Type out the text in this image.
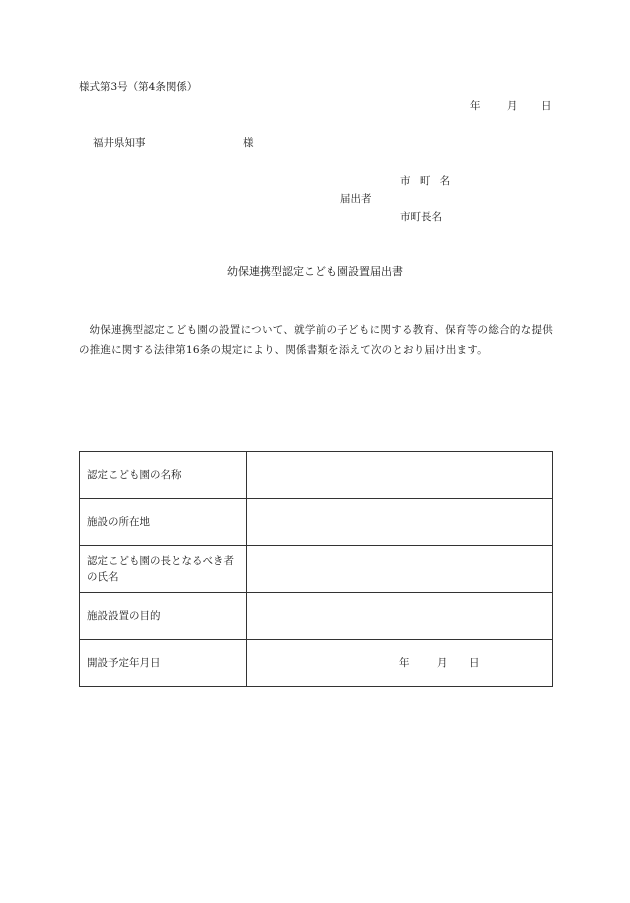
様式第3号（第4条関係）
年	月 日
福井県知事	様
市 町 名
届出者
市町長名
幼保連携型認定こども園設置届出書
幼保連携型認定こども園の設置について、就学前の子どもに関する教育、保育等の総合的な提供の推進に関する法律第16条の規定により、関係書類を添えて次のとおり届け出ます。
認定こども園の名称	
施設の所在地	
認定こども園の長となるべき者の氏名	
施設設置の目的	
開設予定年月日	年 月 日
